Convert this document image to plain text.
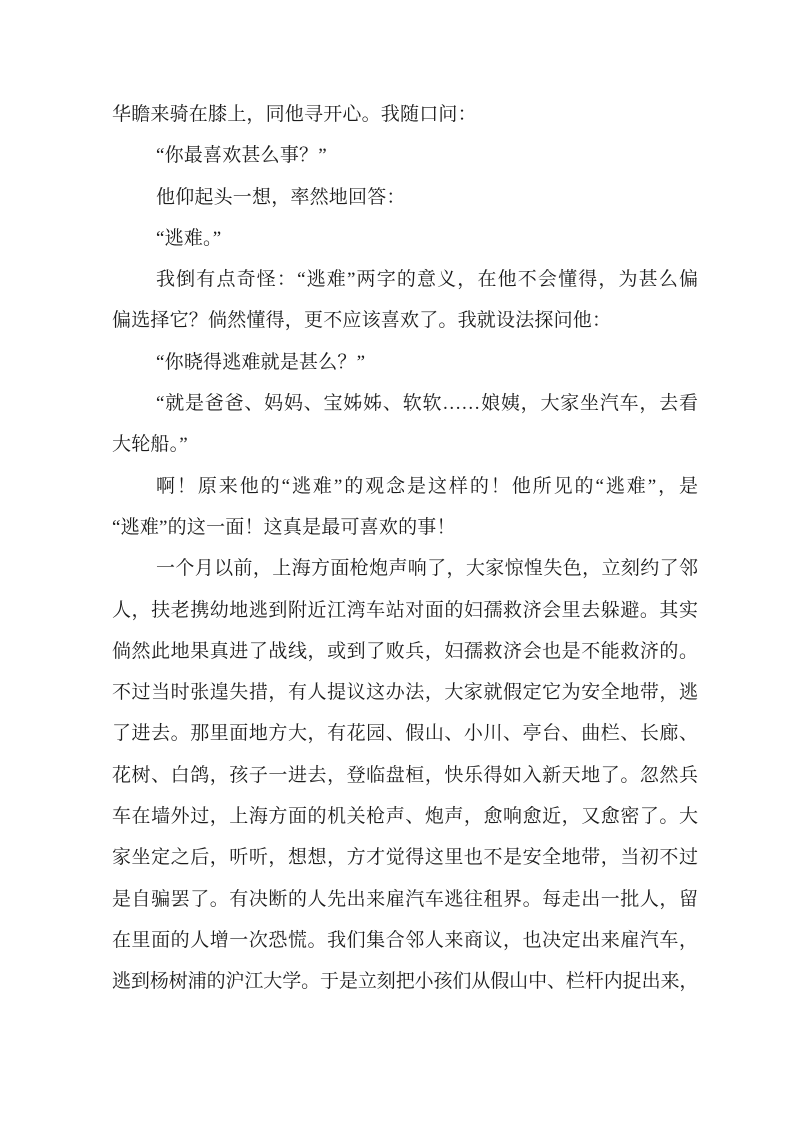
华瞻来骑在膝上，同他寻开心。我随口问：
“你最喜欢甚么事？”
他仰起头一想，率然地回答：
“逃难。”
我倒有点奇怪：“逃难”两字的意义，在他不会懂得，为甚么偏
偏选择它？倘然懂得，更不应该喜欢了。我就设法探问他：
“你晓得逃难就是甚么？”
“就是爸爸、妈妈、宝姊姊、软软……娘姨，大家坐汽车，去看
大轮船。”
啊！原来他的“逃难”的观念是这样的！他所见的“逃难”，是
“逃难”的这一面！这真是最可喜欢的事！
一个月以前，上海方面枪炮声响了，大家惊惶失色，立刻约了邻
人，扶老携幼地逃到附近江湾车站对面的妇孺救济会里去躲避。其实
倘然此地果真进了战线，或到了败兵，妇孺救济会也是不能救济的。
不过当时张遑失措，有人提议这办法，大家就假定它为安全地带，逃
了进去。那里面地方大，有花园、假山、小川、亭台、曲栏、长廊、
花树、白鸽，孩子一进去，登临盘桓，快乐得如入新天地了。忽然兵
车在墙外过，上海方面的机关枪声、炮声，愈响愈近，又愈密了。大
家坐定之后，听听，想想，方才觉得这里也不是安全地带，当初不过
是自骗罢了。有决断的人先出来雇汽车逃往租界。每走出一批人，留
在里面的人增一次恐慌。我们集合邻人来商议，也决定出来雇汽车，
逃到杨树浦的沪江大学。于是立刻把小孩们从假山中、栏杆内捉出来，
